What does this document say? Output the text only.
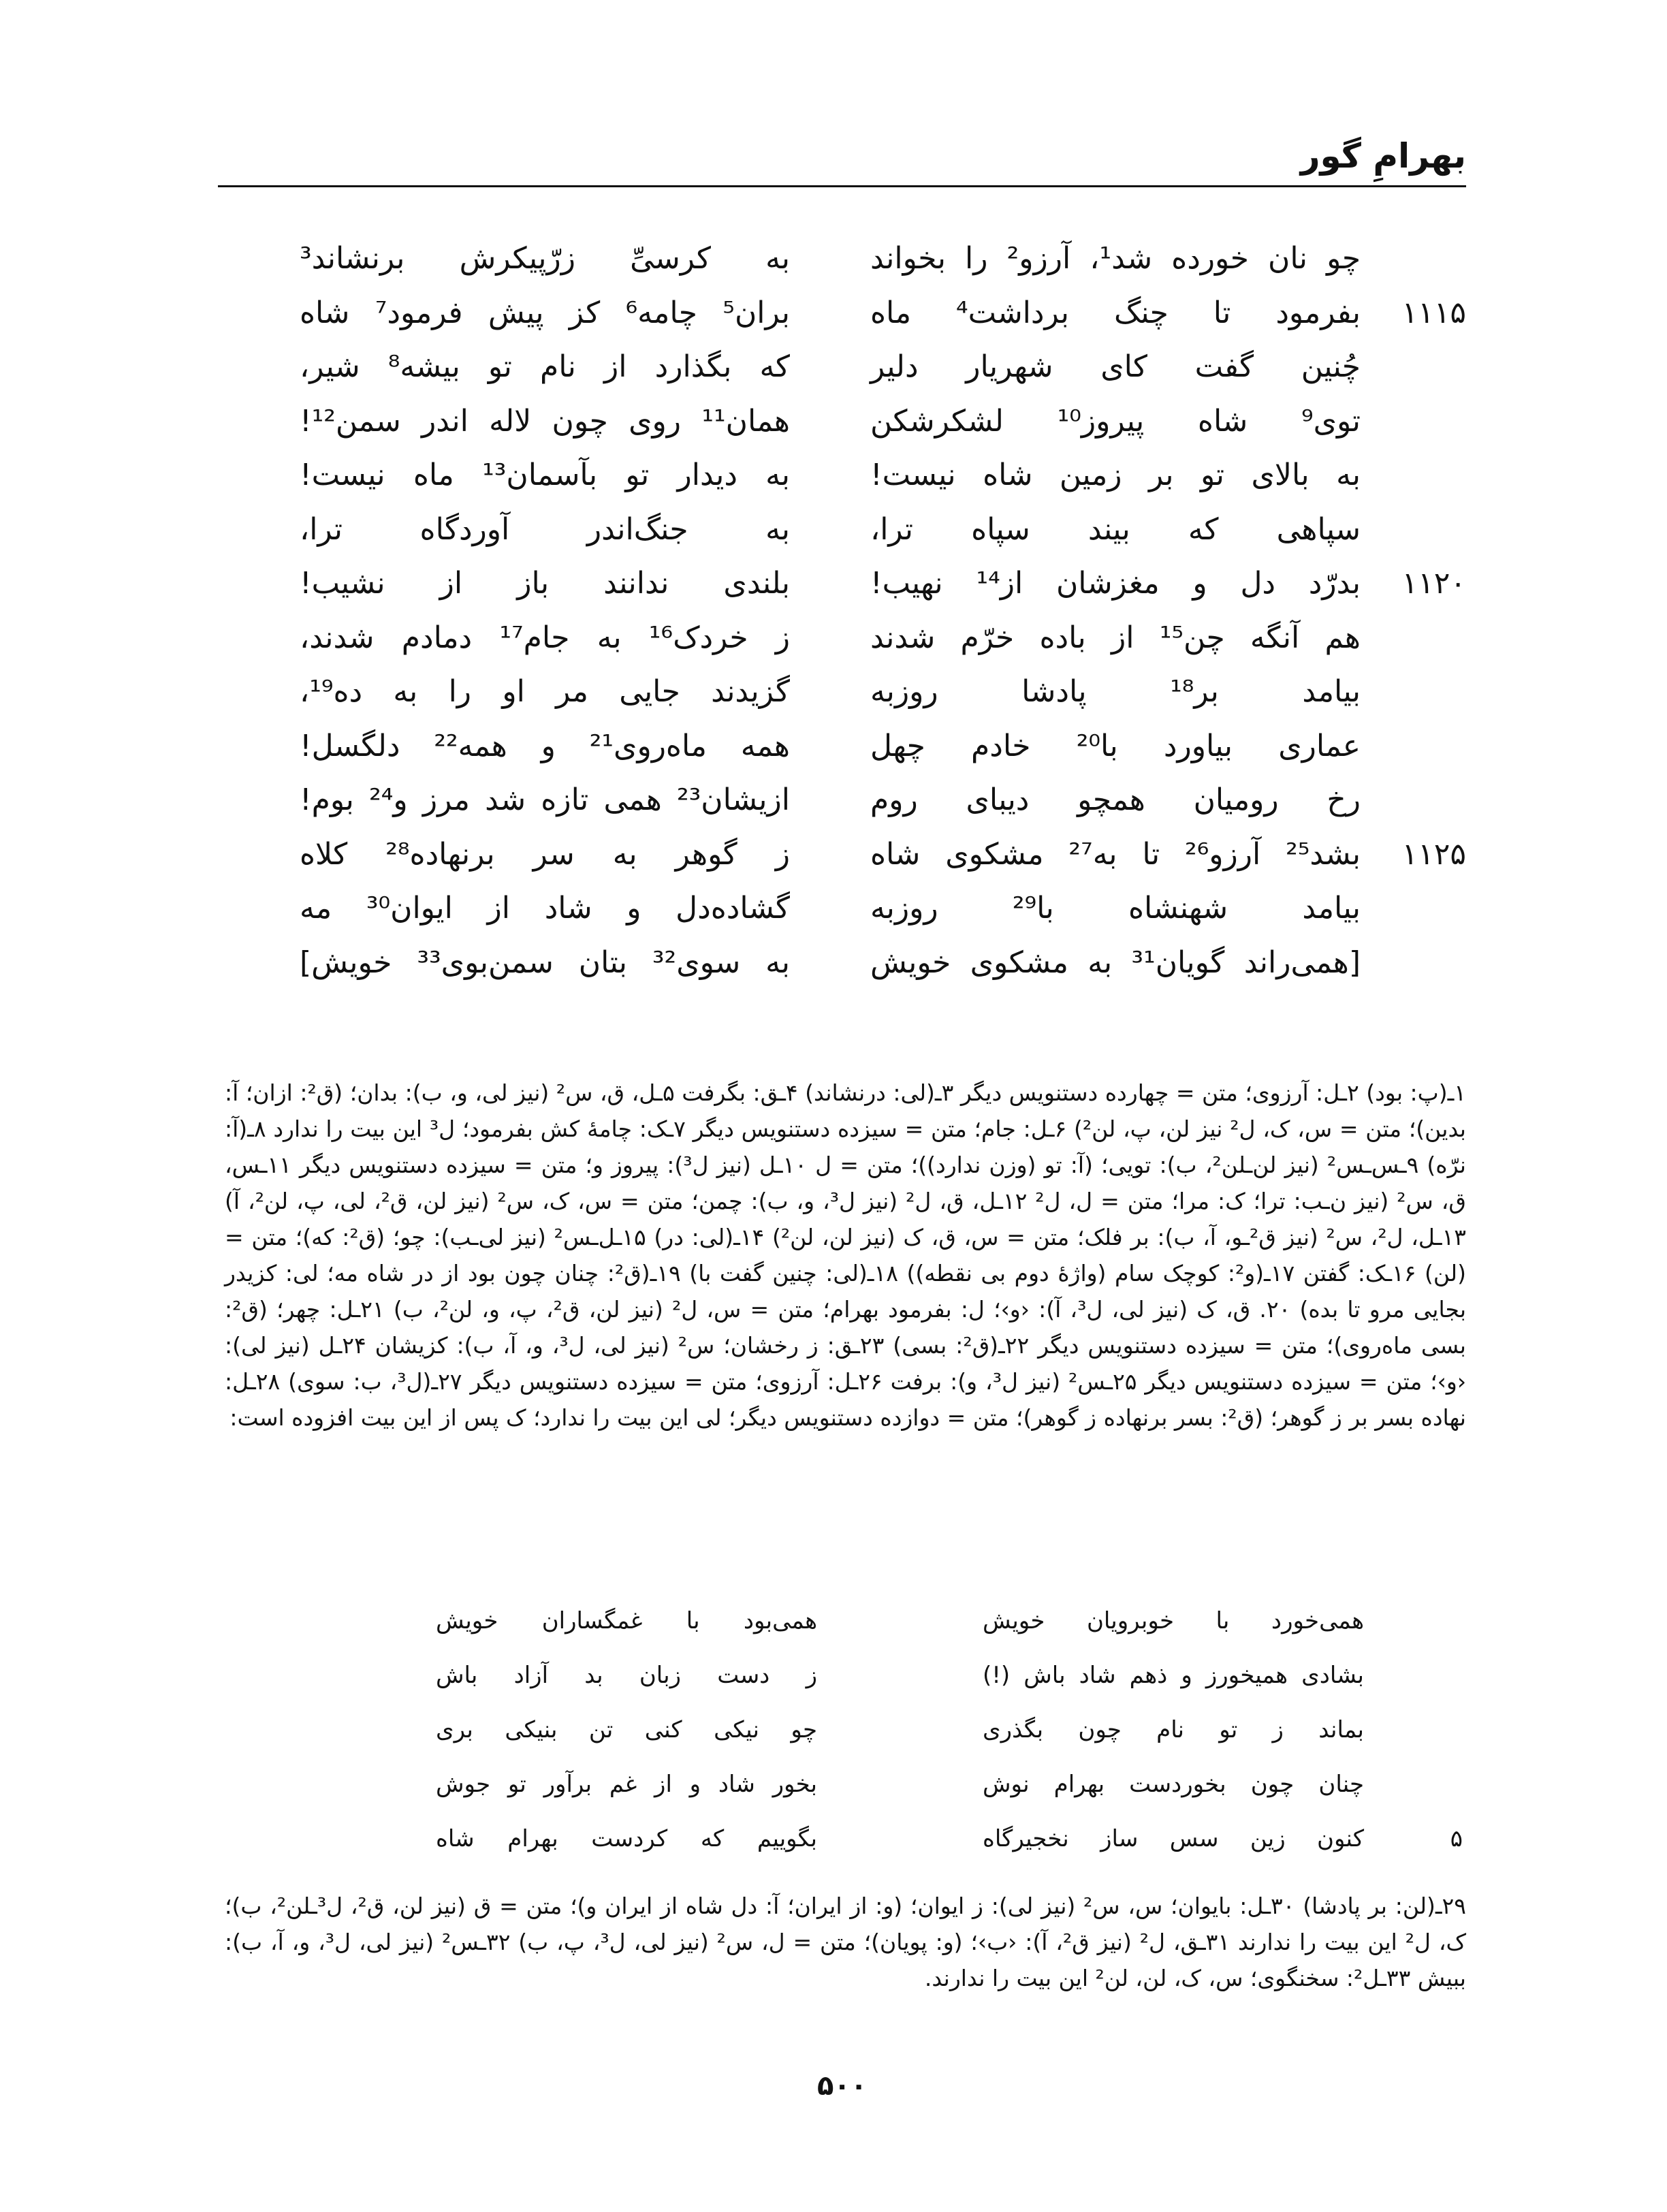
بهرامِ گور
چو نان خورده شد¹، آرزو² را بخواند
به کرسیِّ زرّپیکرش برنشاند³
۱۱۱۵
بفرمود تا چنگ برداشت⁴ ماه
بران⁵ چامه⁶ کز پیش فرمود⁷ شاه
چُنین گفت کای شهریار دلیر
که بگذارد از نام تو بیشه⁸ شیر،
توی⁹ شاه پیروز¹⁰ لشکرشکن
همان¹¹ روی چون لاله اندر سمن¹²!
به بالای تو بر زمین شاه نیست!
به دیدار تو بآسمان¹³ ماه نیست!
سپاهی که بیند سپاه ترا،
به جنگ‌اندر آوردگاه ترا،
۱۱۲۰
بدرّد دل و مغزشان از¹⁴ نهیب!
بلندی ندانند باز از نشیب!
هم آنگه چن¹⁵ از باده خرّم شدند
ز خردک¹⁶ به جام¹⁷ دمادم شدند،
بیامد بر¹⁸ پادشا روزبه
گزیدند جایی مر او را به ده¹⁹،
عماری بیاورد با²⁰ خادم چهل
همه ماه‌روی²¹ و همه²² دلگسل!
رخ رومیان همچو دیبای روم
ازیشان²³ همی تازه شد مرز و²⁴ بوم!
۱۱۲۵
بشد²⁵ آرزو²⁶ تا به²⁷ مشکوی شاه
ز گوهر به سر برنهاده²⁸ کلاه
بیامد شهنشاه با²⁹ روزبه
گشاده‌دل و شاد از ایوان³⁰ مه
[همی‌راند گویان³¹ به مشکوی خویش
به سوی³² بتان سمن‌بوی³³ خویش]
۱ـ(پ: بود) ۲ـل: آرزوی؛ متن = چهارده دستنویس دیگر ۳ـ(لی: درنشاند) ۴ـق: بگرفت ۵ـل، ق، س² (نیز لی، و، ب): بدان؛ (ق²: ازان؛ آ: بدین)؛ متن = س، ک، ل² نیز لن، پ، لن²) ۶ـل: جام؛ متن = سیزده دستنویس دیگر ۷ـک: چامهٔ کش بفرمود؛ ل³ این بیت را ندارد ۸ـ(آ: نرّه) ۹ـس‌ـس² (نیز لن‌ـلن²، ب): تویی؛ (آ: تو (وزن ندارد))؛ متن = ل ۱۰ـل (نیز ل³): پیروز و؛ متن = سیزده دستنویس دیگر ۱۱ـس، ق، س² (نیز ن‌ـب: ترا؛ ک: مرا؛ متن = ل، ل² ۱۲ـل، ق، ل² (نیز ل³، و، ب): چمن؛ متن = س، ک، س² (نیز لن، ق²، لی، پ، لن²، آ) ۱۳ـل، ل²، س² (نیز ق²ـو، آ، ب): بر فلک؛ متن = س، ق، ک (نیز لن، لن²) ۱۴ـ(لی: در) ۱۵ـل‌ـس² (نیز لی‌ـب): چو؛ (ق²: که)؛ متن = (لن) ۱۶ـک: گفتن ۱۷ـ(و²: کوچک سام (واژهٔ دوم بی نقطه)) ۱۸ـ(لی: چنین گفت با) ۱۹ـ(ق²: چنان چون بود از در شاه مه؛ لی: کزیدر بجایی مرو تا بده) ۲۰. ق، ک (نیز لی، ل³، آ): ‹و›؛ ل: بفرمود بهرام؛ متن = س، ل² (نیز لن، ق²، پ، و، لن²، ب) ۲۱ـل: چهر؛ (ق²: بسی ماه‌روی)؛ متن = سیزده دستنویس دیگر ۲۲ـ(ق²: بسی) ۲۳ـق: ز رخشان؛ س² (نیز لی، ل³، و، آ، ب): کزیشان ۲۴ـل (نیز لی): ‹و›؛ متن = سیزده دستنویس دیگر ۲۵ـس² (نیز ل³، و): برفت ۲۶ـل: آرزوی؛ متن = سیزده دستنویس دیگر ۲۷ـ(ل³، ب: سوی) ۲۸ـل: نهاده بسر بر ز گوهر؛ (ق²: بسر برنهاده ز گوهر)؛ متن = دوازده دستنویس دیگر؛ لی این بیت را ندارد؛ ک پس از این بیت افزوده است:
همی‌خورد با خوبرویان خویش
همی‌بود با غمگساران خویش
بشادی همیخورز و ذهم شاد باش (!)
ز دست زبان بد آزاد باش
بماند ز تو نام چون بگذری
چو نیکی کنی تن بنیکی بری
چنان چون بخوردست بهرام نوش
بخور شاد و از غم برآور تو جوش
۵
کنون زین سس ساز نخجیرگاه
بگوییم که کردست بهرام شاه
۲۹ـ(لن: بر پادشا) ۳۰ـل: بایوان؛ س، س² (نیز لی): ز ایوان؛ (و: از ایران؛ آ: دل شاه از ایران و)؛ متن = ق (نیز لن، ق²، ل³ـلن²، ب)؛ ک، ل² این بیت را ندارند ۳۱ـق، ل² (نیز ق²، آ): ‹ب›؛ (و: پویان)؛ متن = ل، س² (نیز لی، ل³، پ، ب) ۳۲ـس² (نیز لی، ل³، و، آ، ب): ببیش ۳۳ـل²: سخنگوی؛ س، ک، لن، لن² این بیت را ندارند.
۵۰۰
